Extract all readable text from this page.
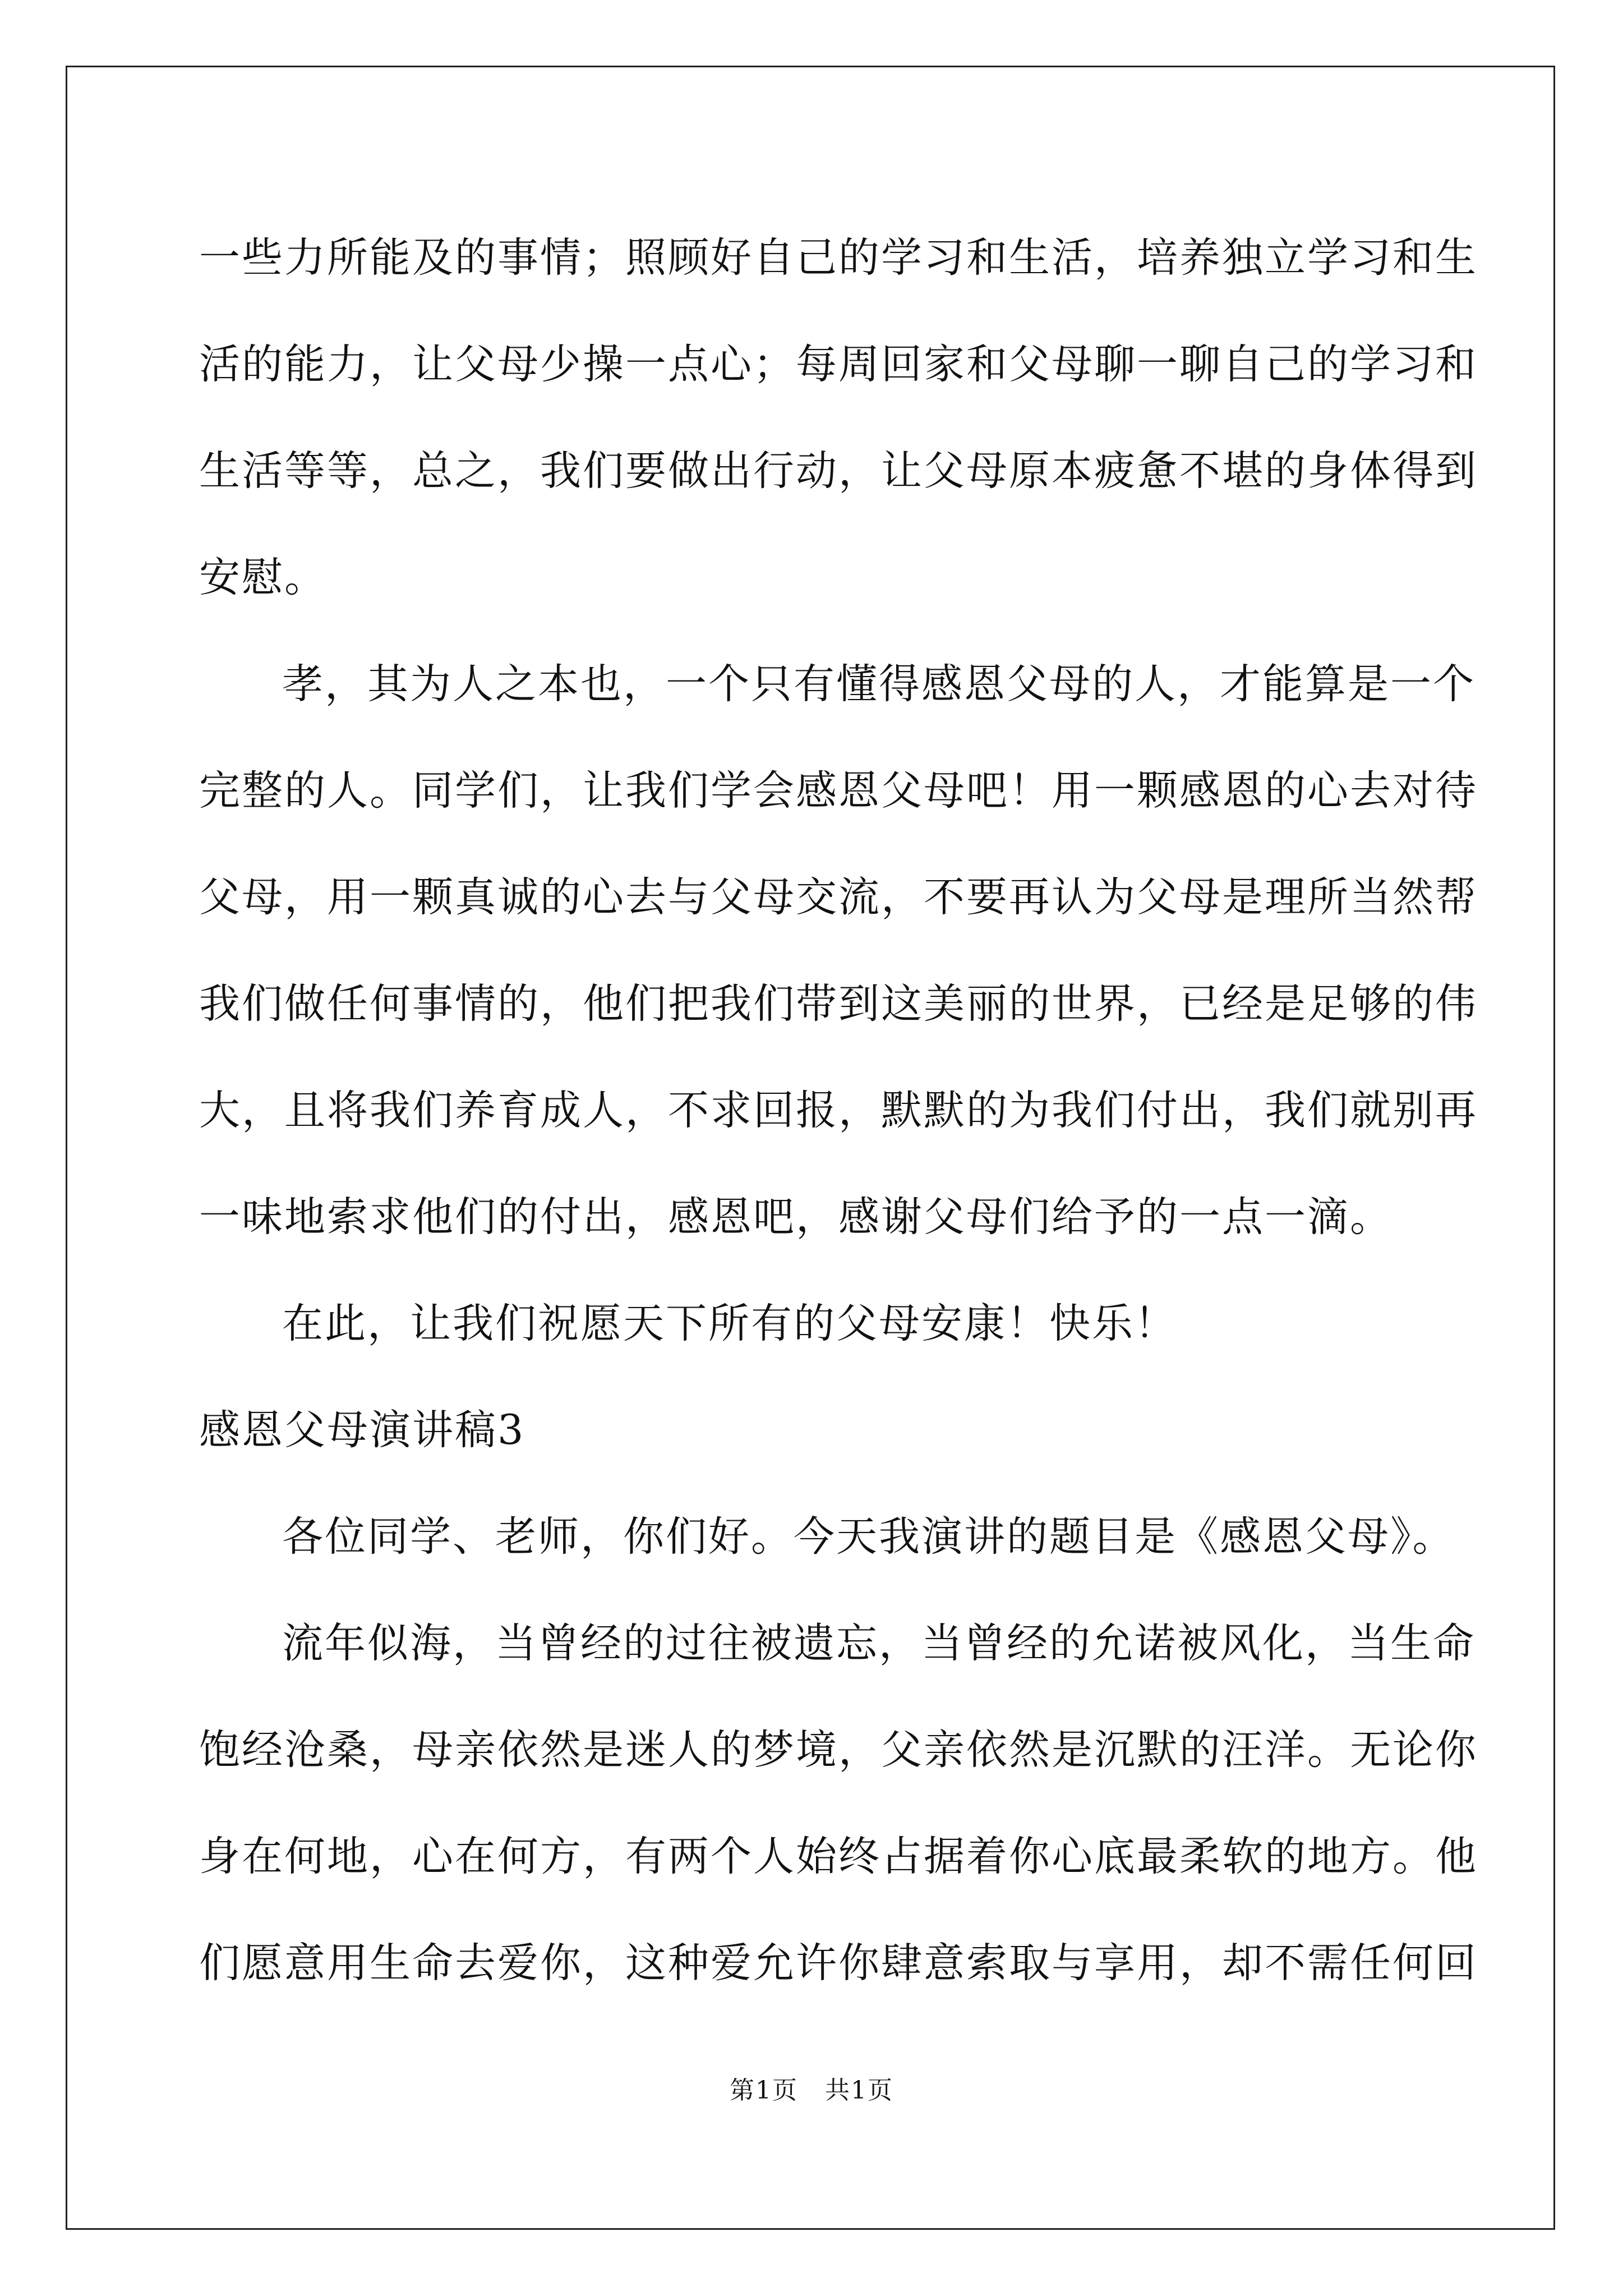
一些力所能及的事情；照顾好自己的学习和生活，培养独立学习和生
活的能力，让父母少操一点心；每周回家和父母聊一聊自己的学习和
生活等等，总之，我们要做出行动，让父母原本疲惫不堪的身体得到
安慰。
孝，其为人之本也，一个只有懂得感恩父母的人，才能算是一个
完整的人。同学们，让我们学会感恩父母吧！用一颗感恩的心去对待
父母，用一颗真诚的心去与父母交流，不要再认为父母是理所当然帮
我们做任何事情的，他们把我们带到这美丽的世界，已经是足够的伟
大，且将我们养育成人，不求回报，默默的为我们付出，我们就别再
一味地索求他们的付出，感恩吧，感谢父母们给予的一点一滴。
在此，让我们祝愿天下所有的父母安康！快乐！
感恩父母演讲稿3
各位同学、老师，你们好。今天我演讲的题目是《感恩父母》。
流年似海，当曾经的过往被遗忘，当曾经的允诺被风化，当生命
饱经沧桑，母亲依然是迷人的梦境，父亲依然是沉默的汪洋。无论你
身在何地，心在何方，有两个人始终占据着你心底最柔软的地方。他
们愿意用生命去爱你，这种爱允许你肆意索取与享用，却不需任何回
第1页   共1页
